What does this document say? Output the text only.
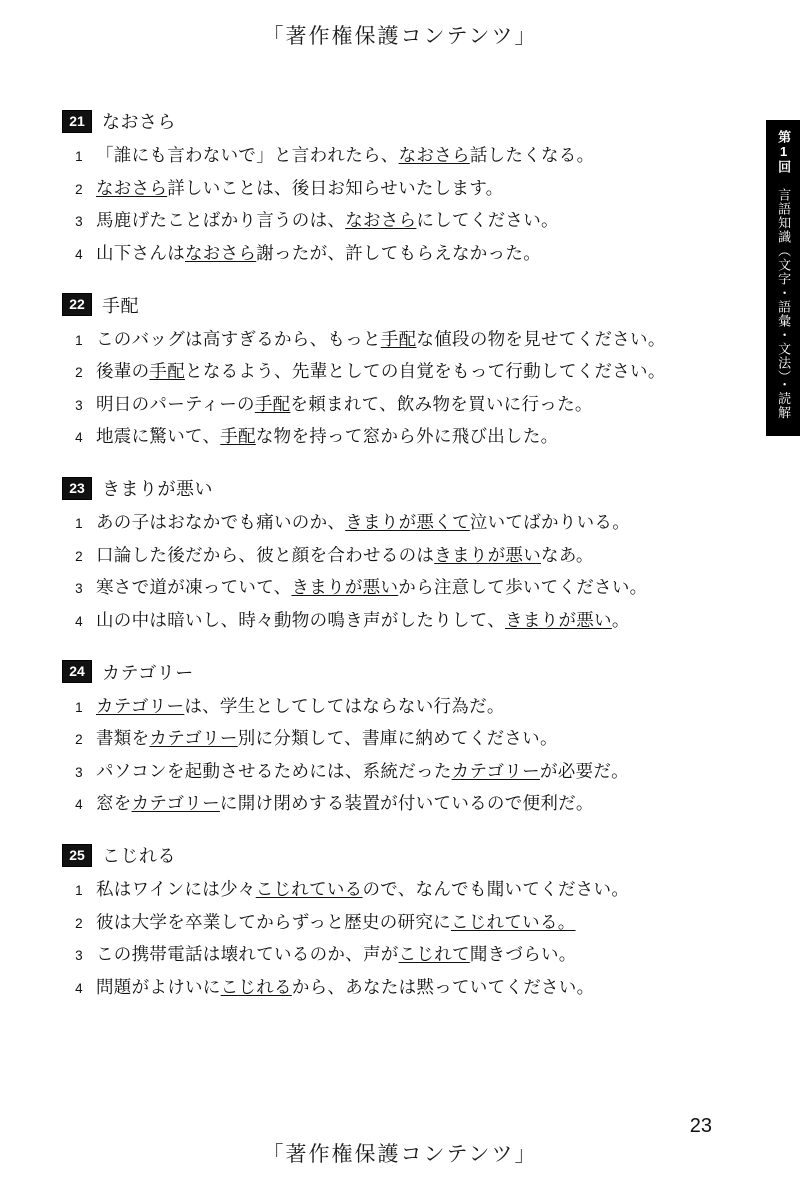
「著作権保護コンテンツ」
第1回
言語知識（文字・語彙・文法）・読解
21 なおさら
1 「誰にも言わないで」と言われたら、なおさら話したくなる。
2 なおさら詳しいことは、後日お知らせいたします。
3 馬鹿げたことばかり言うのは、なおさらにしてください。
4 山下さんはなおさら謝ったが、許してもらえなかった。
22 手配
1 このバッグは高すぎるから、もっと手配な値段の物を見せてください。
2 後輩の手配となるよう、先輩としての自覚をもって行動してください。
3 明日のパーティーの手配を頼まれて、飲み物を買いに行った。
4 地震に驚いて、手配な物を持って窓から外に飛び出した。
23 きまりが悪い
1 あの子はおなかでも痛いのか、きまりが悪くて泣いてばかりいる。
2 口論した後だから、彼と顔を合わせるのはきまりが悪いなあ。
3 寒さで道が凍っていて、きまりが悪いから注意して歩いてください。
4 山の中は暗いし、時々動物の鳴き声がしたりして、きまりが悪い。
24 カテゴリー
1 カテゴリーは、学生としてしてはならない行為だ。
2 書類をカテゴリー別に分類して、書庫に納めてください。
3 パソコンを起動させるためには、系統だったカテゴリーが必要だ。
4 窓をカテゴリーに開け閉めする装置が付いているので便利だ。
25 こじれる
1 私はワインには少々こじれているので、なんでも聞いてください。
2 彼は大学を卒業してからずっと歴史の研究にこじれている。
3 この携帯電話は壊れているのか、声がこじれて聞きづらい。
4 問題がよけいにこじれるから、あなたは黙っていてください。
23
「著作権保護コンテンツ」
